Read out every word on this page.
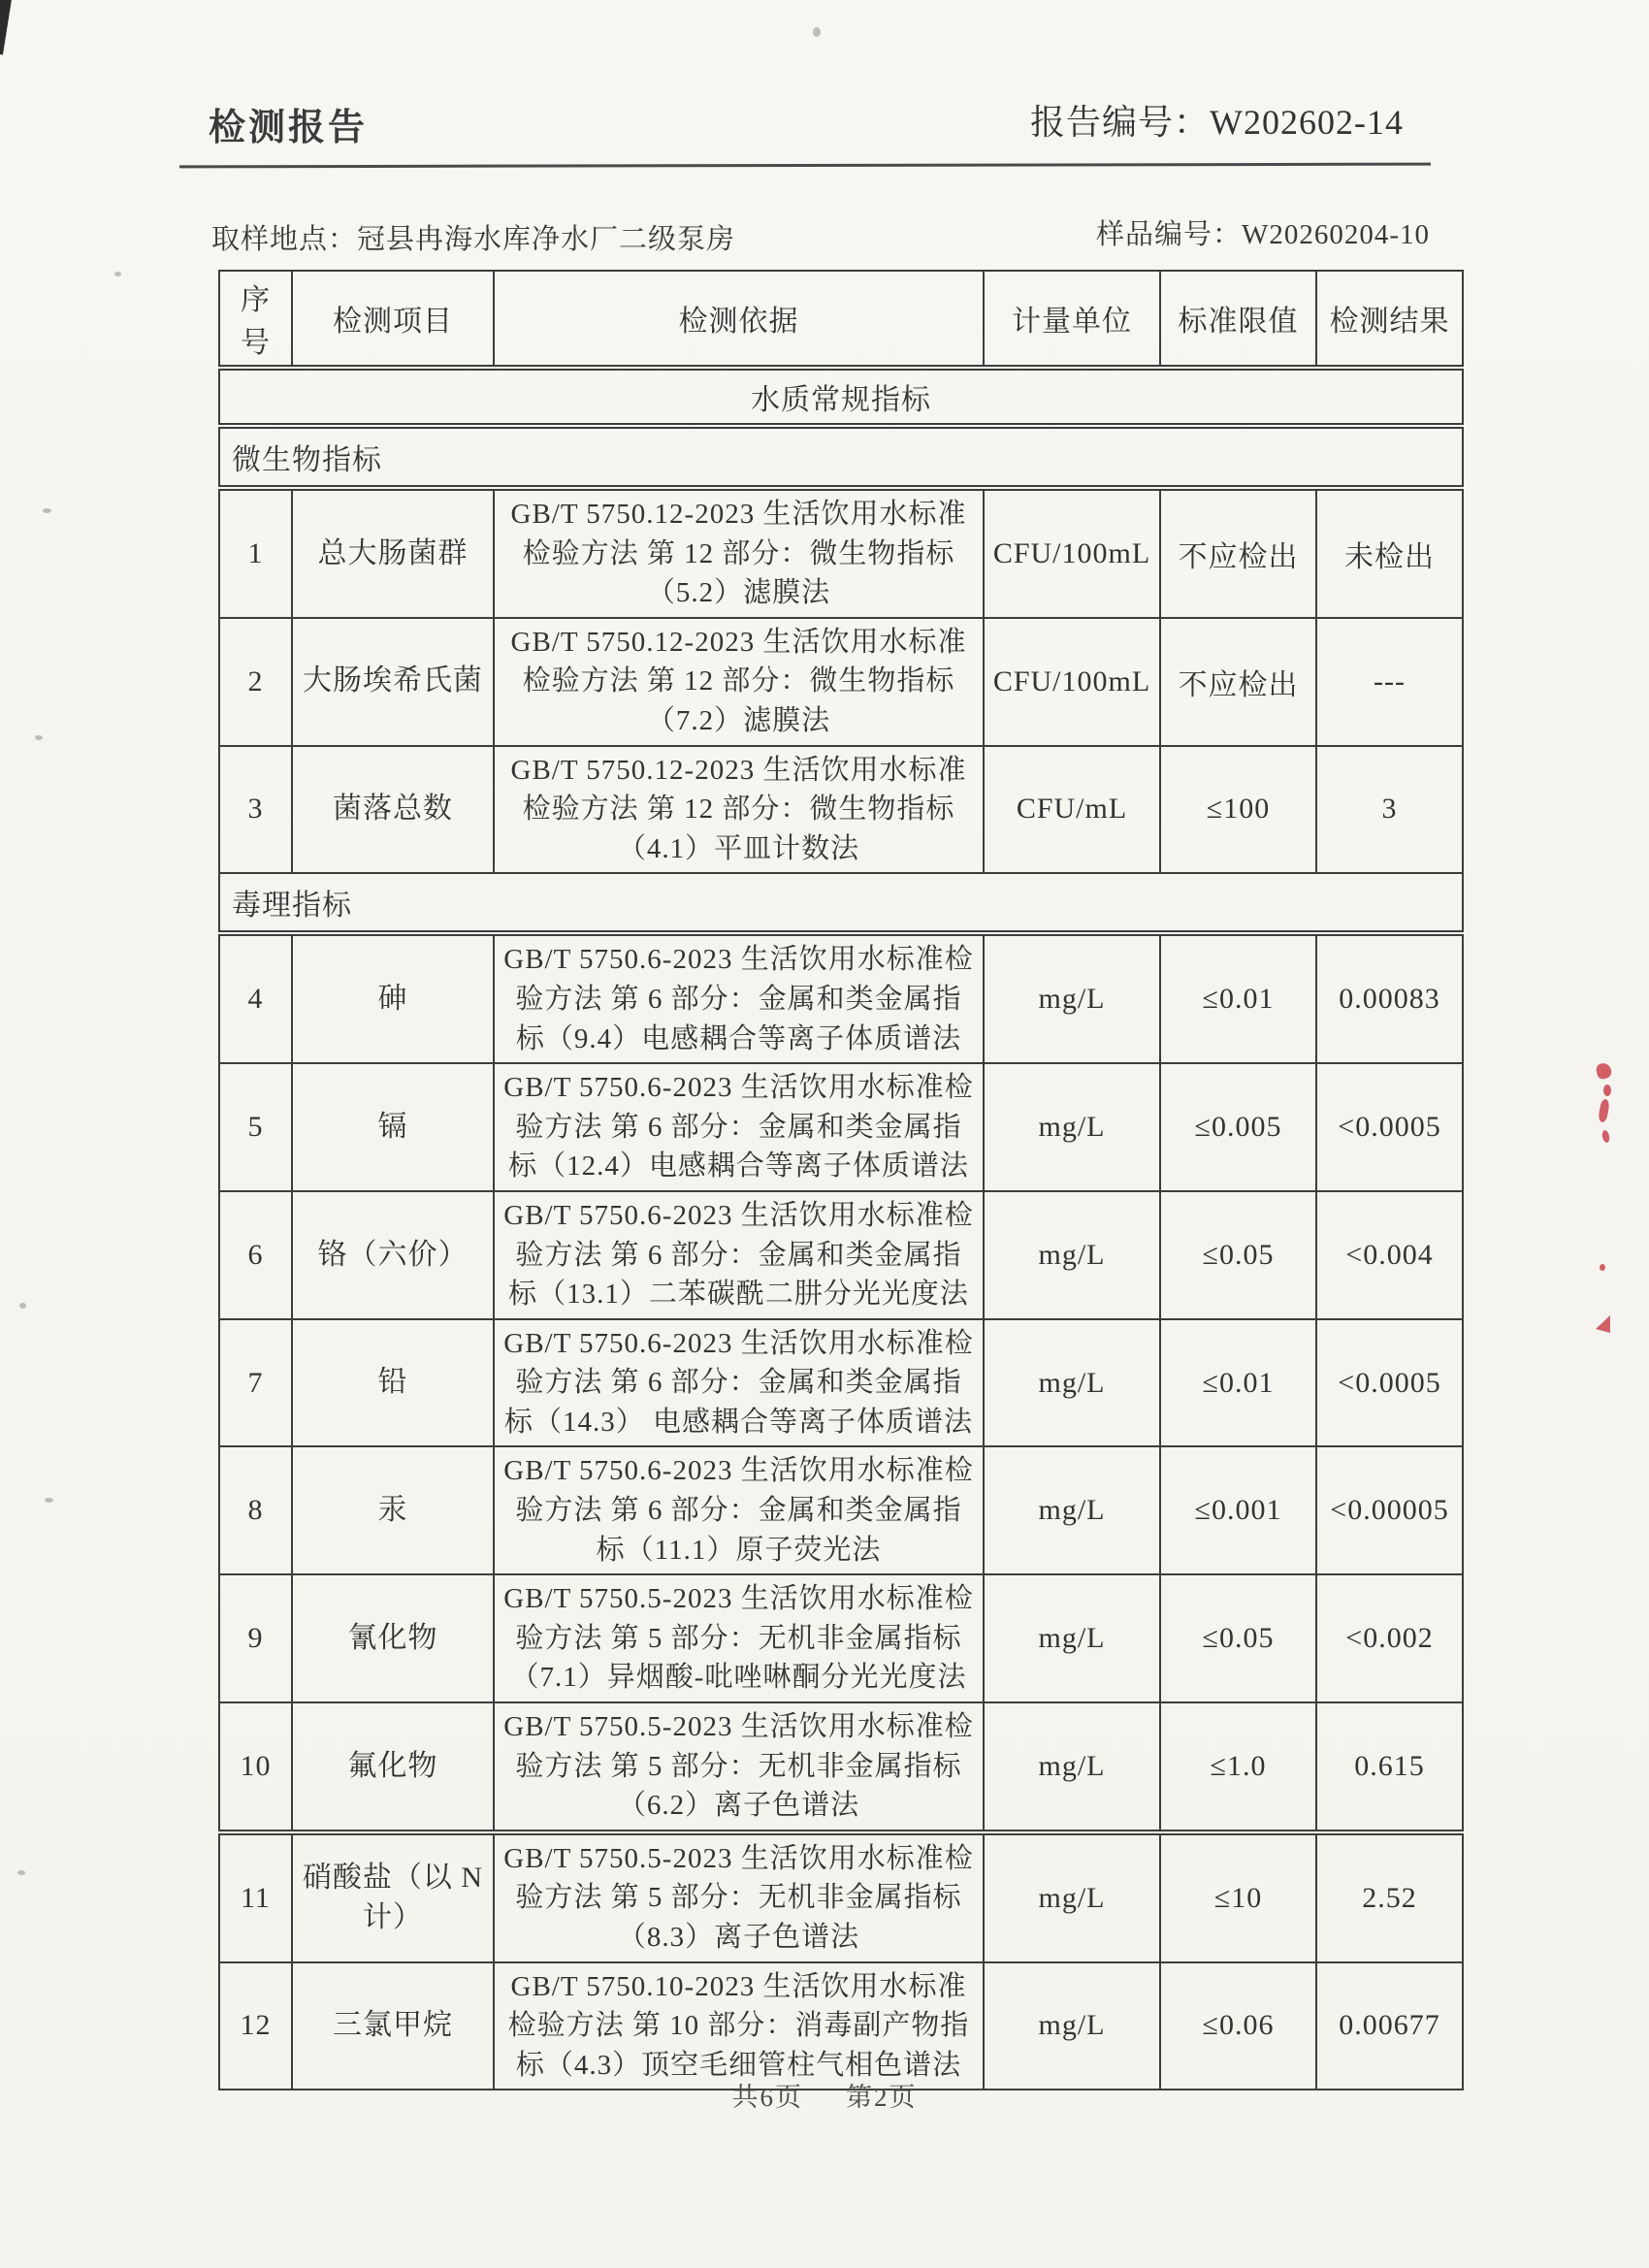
检测报告	报告编号：W202602-14
取样地点：冠县冉海水库净水厂二级泵房	样品编号：W20260204-10
序号	检测项目	检测依据	计量单位	标准限值	检测结果
水质常规指标					
微生物指标					
1	总大肠菌群	GB/T 5750.12-2023 生活饮用水标准检验方法 第 12 部分：微生物指标（5.2）滤膜法	CFU/100mL	不应检出	未检出
2	大肠埃希氏菌	GB/T 5750.12-2023 生活饮用水标准检验方法 第 12 部分：微生物指标（7.2）滤膜法	CFU/100mL	不应检出	---
3	菌落总数	GB/T 5750.12-2023 生活饮用水标准检验方法 第 12 部分：微生物指标（4.1）平皿计数法	CFU/mL	≤100	3
毒理指标					
4	砷	GB/T 5750.6-2023 生活饮用水标准检验方法 第 6 部分：金属和类金属指标（9.4）电感耦合等离子体质谱法	mg/L	≤0.01	0.00083
5	镉	GB/T 5750.6-2023 生活饮用水标准检验方法 第 6 部分：金属和类金属指标（12.4）电感耦合等离子体质谱法	mg/L	≤0.005	<0.0005
6	铬（六价）	GB/T 5750.6-2023 生活饮用水标准检验方法 第 6 部分：金属和类金属指标（13.1）二苯碳酰二肼分光光度法	mg/L	≤0.05	<0.004
7	铅	GB/T 5750.6-2023 生活饮用水标准检验方法 第 6 部分：金属和类金属指标（14.3） 电感耦合等离子体质谱法	mg/L	≤0.01	<0.0005
8	汞	GB/T 5750.6-2023 生活饮用水标准检验方法 第 6 部分：金属和类金属指标（11.1）原子荧光法	mg/L	≤0.001	<0.00005
9	氰化物	GB/T 5750.5-2023 生活饮用水标准检验方法 第 5 部分：无机非金属指标（7.1）异烟酸-吡唑啉酮分光光度法	mg/L	≤0.05	<0.002
10	氟化物	GB/T 5750.5-2023 生活饮用水标准检验方法 第 5 部分：无机非金属指标（6.2）离子色谱法	mg/L	≤1.0	0.615
11	硝酸盐（以 N 计）	GB/T 5750.5-2023 生活饮用水标准检验方法 第 5 部分：无机非金属指标（8.3）离子色谱法	mg/L	≤10	2.52
12	三氯甲烷	GB/T 5750.10-2023 生活饮用水标准检验方法 第 10 部分：消毒副产物指标（4.3）顶空毛细管柱气相色谱法	mg/L	≤0.06	0.00677
共6页 第2页
